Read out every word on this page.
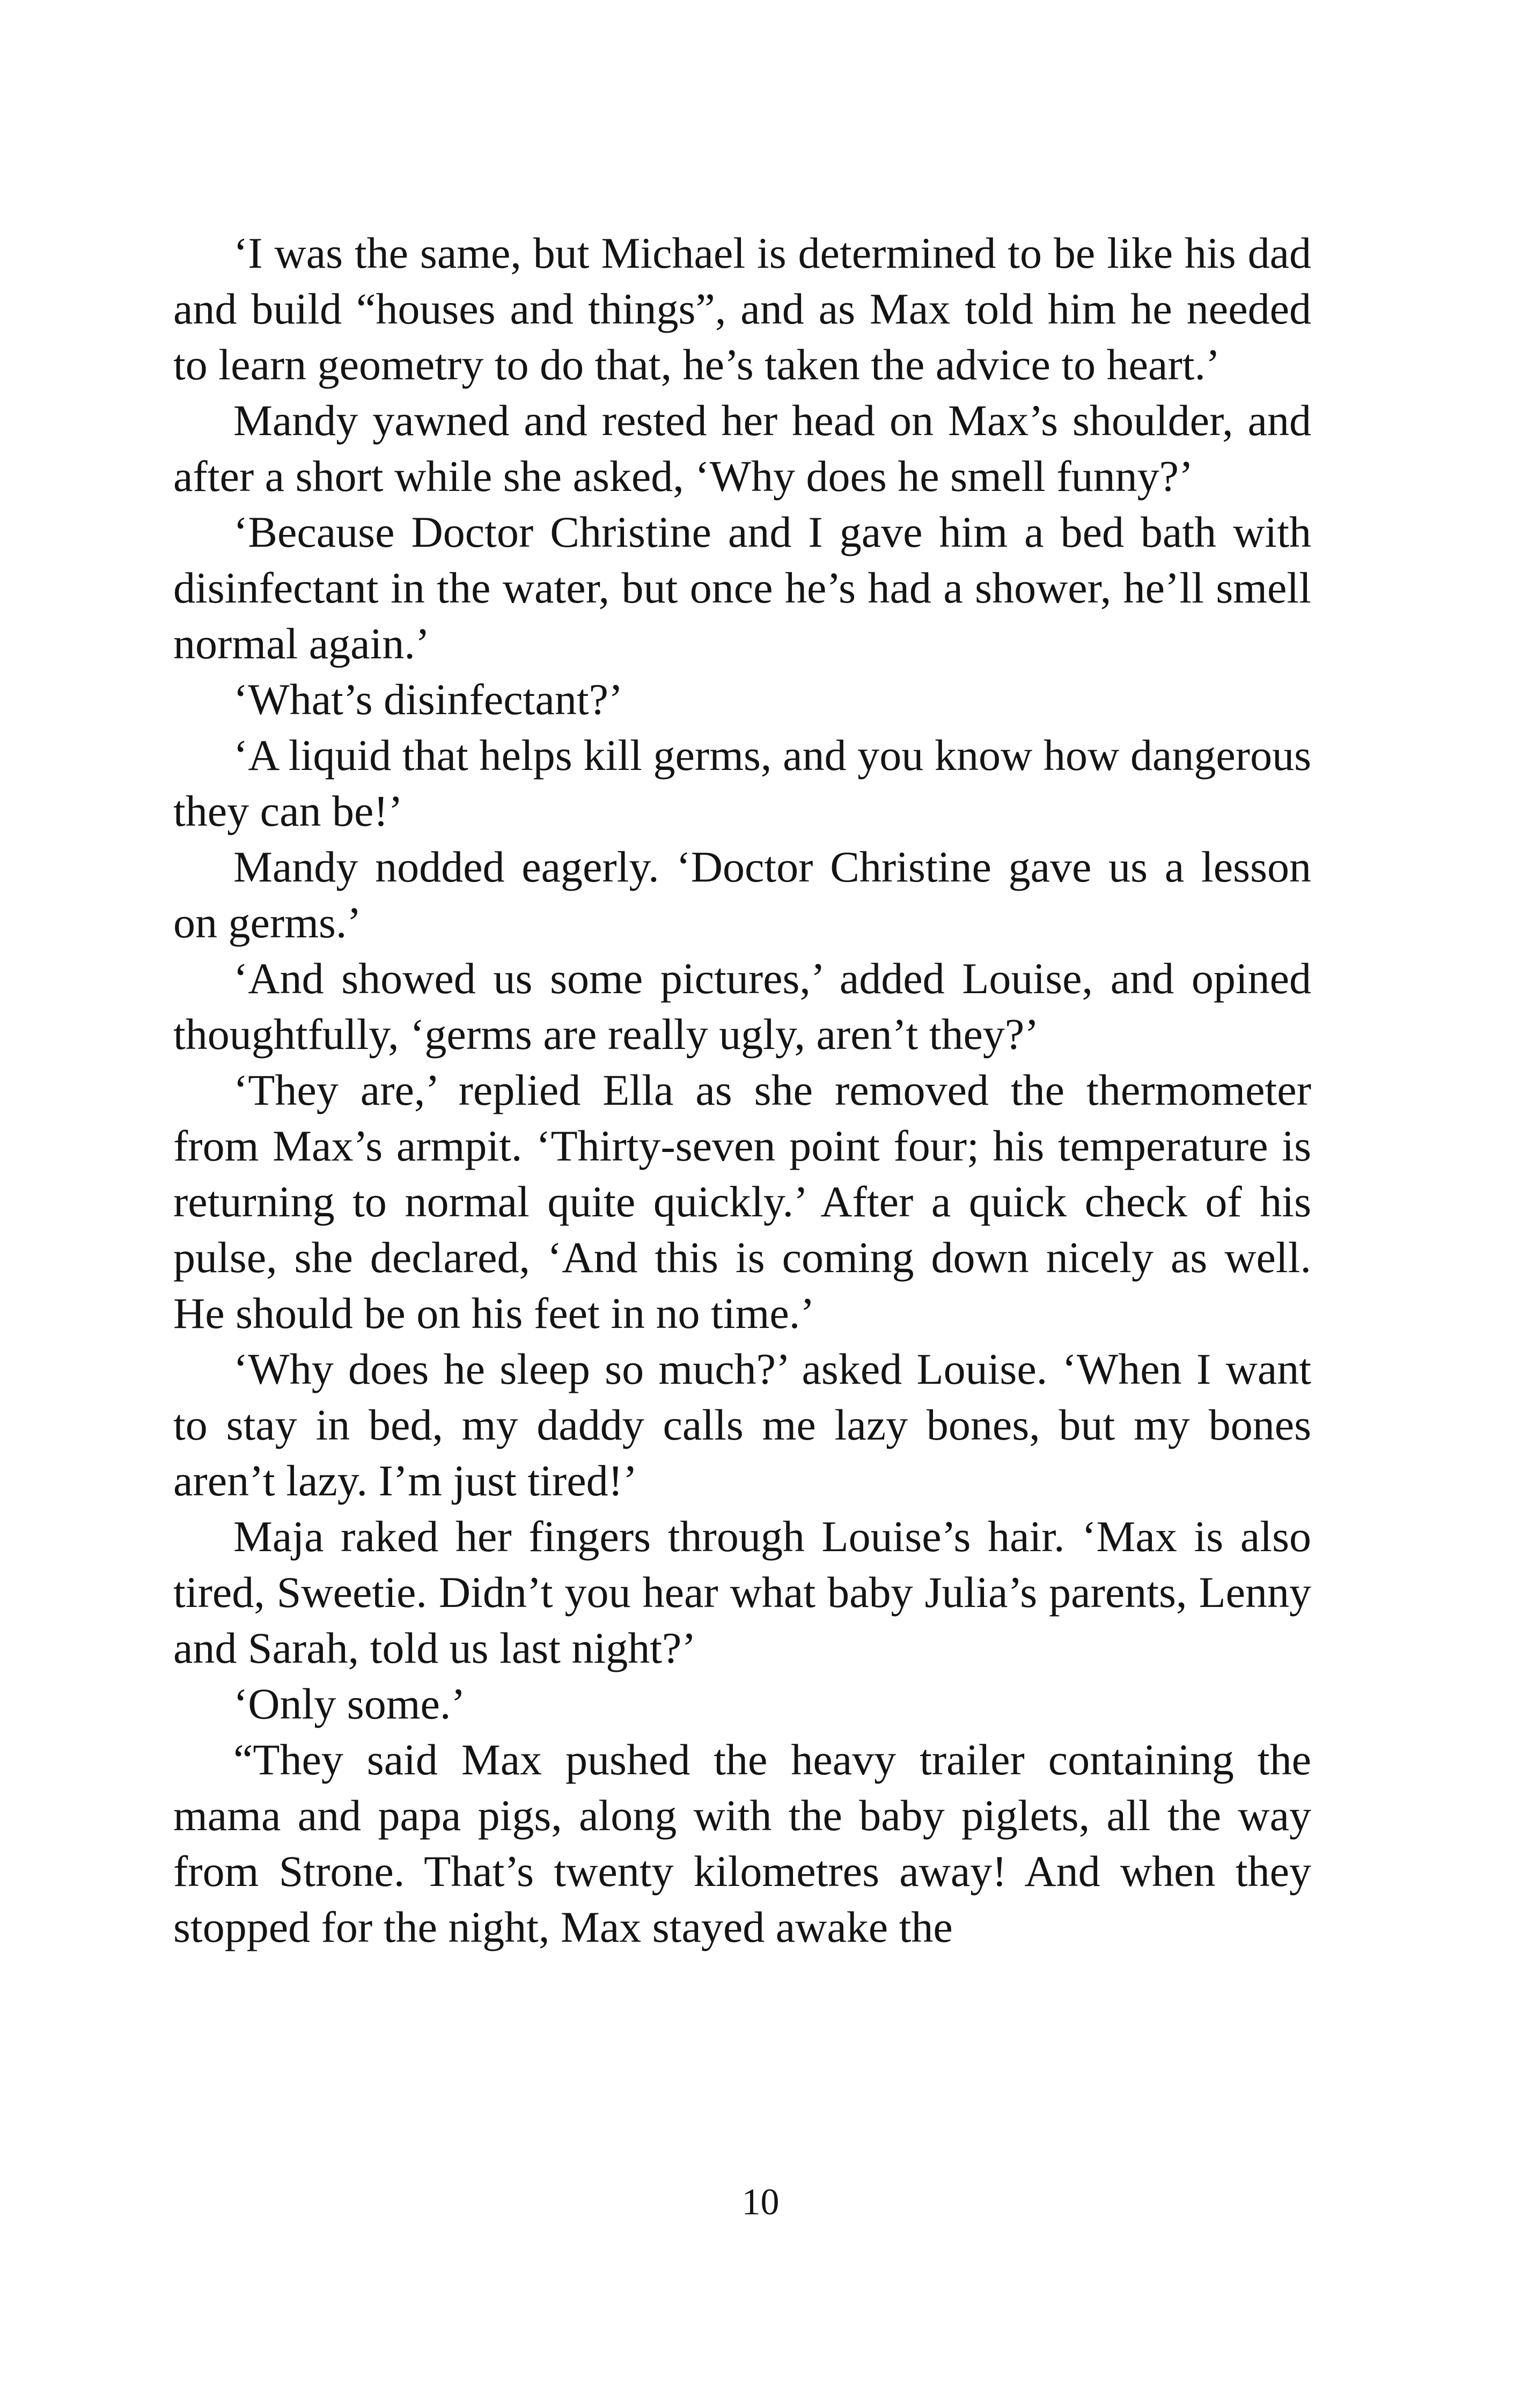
‘I was the same, but Michael is determined to be like his dad and build “houses and things”, and as Max told him he needed to learn geometry to do that, he’s taken the advice to heart.’

Mandy yawned and rested her head on Max’s shoulder, and after a short while she asked, ‘Why does he smell funny?’

‘Because Doctor Christine and I gave him a bed bath with disinfectant in the water, but once he’s had a shower, he’ll smell normal again.’

‘What’s disinfectant?’

‘A liquid that helps kill germs, and you know how dangerous they can be!’

Mandy nodded eagerly. ‘Doctor Christine gave us a lesson on germs.’

‘And showed us some pictures,’ added Louise, and opined thoughtfully, ‘germs are really ugly, aren’t they?’

‘They are,’ replied Ella as she removed the thermometer from Max’s armpit. ‘Thirty-seven point four; his temperature is returning to normal quite quickly.’ After a quick check of his pulse, she declared, ‘And this is coming down nicely as well. He should be on his feet in no time.’

‘Why does he sleep so much?’ asked Louise. ‘When I want to stay in bed, my daddy calls me lazy bones, but my bones aren’t lazy. I’m just tired!’

Maja raked her fingers through Louise’s hair. ‘Max is also tired, Sweetie. Didn’t you hear what baby Julia’s parents, Lenny and Sarah, told us last night?’

‘Only some.’

“They said Max pushed the heavy trailer containing the mama and papa pigs, along with the baby piglets, all the way from Strone. That’s twenty kilometres away! And when they stopped for the night, Max stayed awake the

10
